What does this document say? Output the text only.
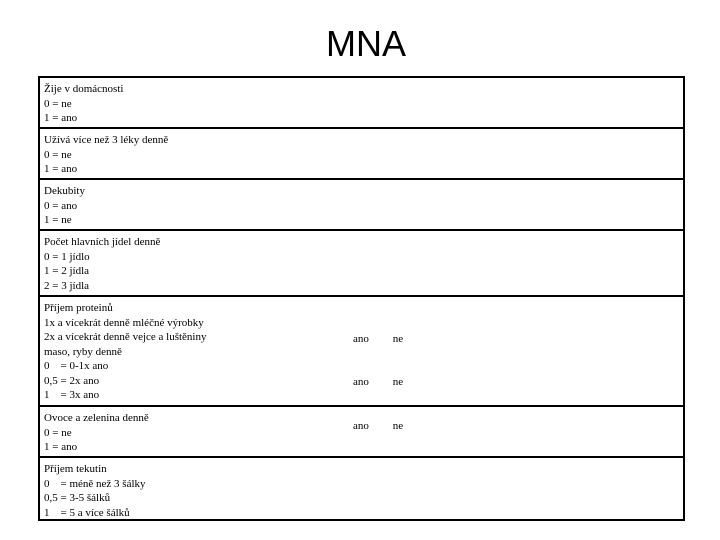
MNA
Žije v domácnosti
0 = ne
1 = ano
Užívá více než 3 léky denně
0 = ne
1 = ano
Dekubity
0 = ano
1 = ne
Počet hlavních jídel denně
0 = 1 jídlo
1 = 2 jídla
2 = 3 jídla
Příjem proteinů
1x a vícekrát denně mléčné výrobky
2x a vícekrát denně vejce a luštěniny
maso, ryby denně
0    = 0-1x ano
0,5 = 2x ano
1    = 3x ano

ano ne

ano ne

ano ne

Ovoce a zelenina denně
0 = ne
1 = ano
Příjem tekutin
0    = méně než 3 šálky
0,5 = 3-5 šálků
1    = 5 a více šálků
